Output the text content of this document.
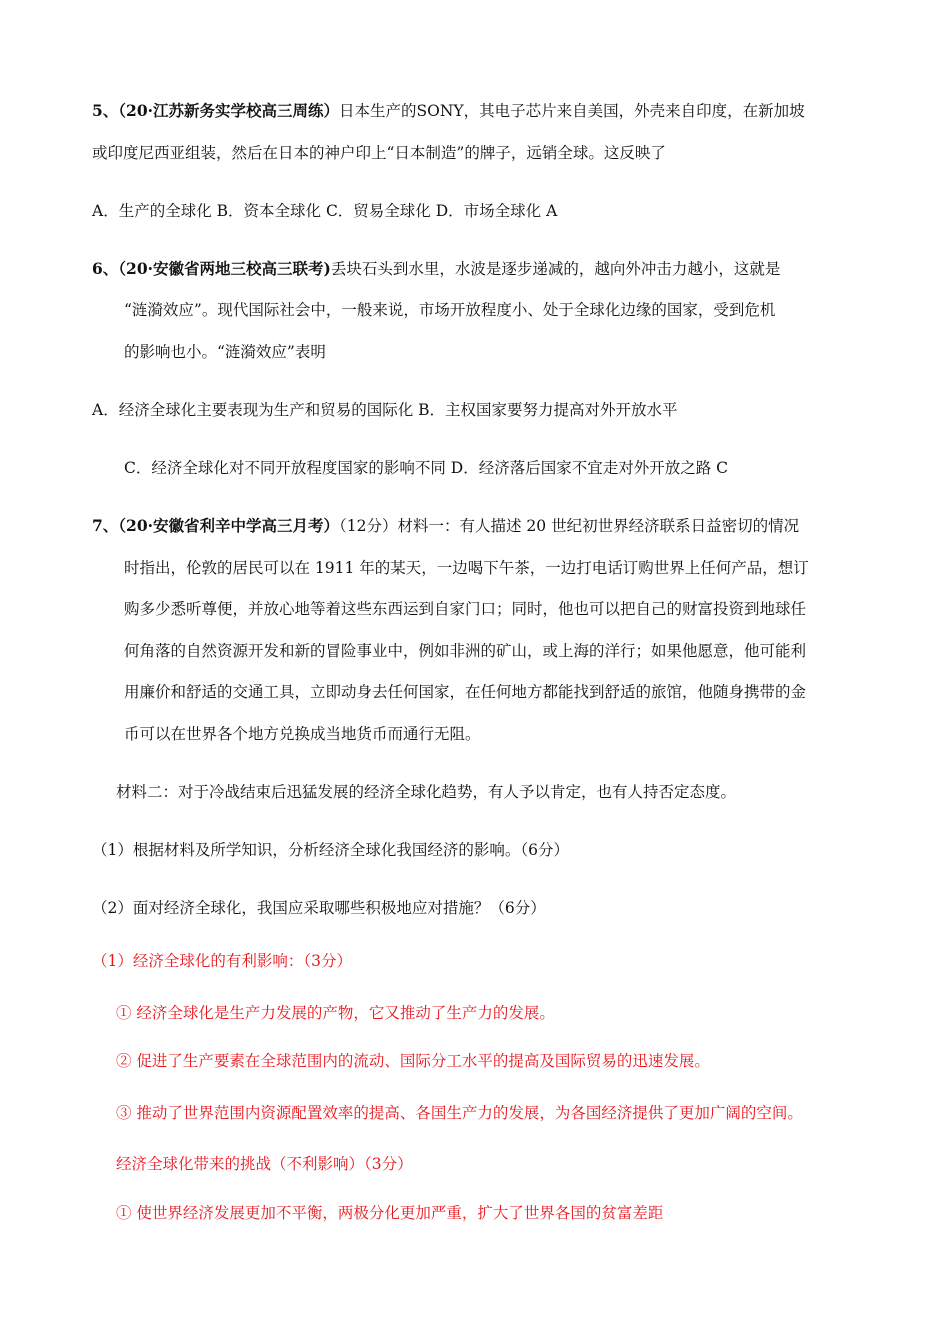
5、（20·江苏新务实学校高三周练）日本生产的SONY，其电子芯片来自美国，外壳来自印度，在新加坡
或印度尼西亚组装，然后在日本的神户印上“日本制造”的牌子，远销全球。这反映了
A．生产的全球化 B．资本全球化 C．贸易全球化 D．市场全球化 A
6、（20·安徽省两地三校高三联考)丢块石头到水里，水波是逐步递减的，越向外冲击力越小，这就是
“涟漪效应”。现代国际社会中，一般来说，市场开放程度小、处于全球化边缘的国家，受到危机
的影响也小。“涟漪效应”表明
A．经济全球化主要表现为生产和贸易的国际化 B．主权国家要努力提高对外开放水平
C．经济全球化对不同开放程度国家的影响不同 D．经济落后国家不宜走对外开放之路 C
7、（20·安徽省利辛中学高三月考）（12分）材料一：有人描述 20 世纪初世界经济联系日益密切的情况
时指出，伦敦的居民可以在 1911 年的某天，一边喝下午茶，一边打电话订购世界上任何产品，想订
购多少悉听尊便，并放心地等着这些东西运到自家门口；同时，他也可以把自己的财富投资到地球任
何角落的自然资源开发和新的冒险事业中，例如非洲的矿山，或上海的洋行；如果他愿意，他可能利
用廉价和舒适的交通工具，立即动身去任何国家，在任何地方都能找到舒适的旅馆，他随身携带的金
币可以在世界各个地方兑换成当地货币而通行无阻。
材料二：对于冷战结束后迅猛发展的经济全球化趋势，有人予以肯定，也有人持否定态度。
（1）根据材料及所学知识，分析经济全球化我国经济的影响。（6分）
（2）面对经济全球化，我国应采取哪些积极地应对措施？（6分）
（1）经济全球化的有利影响：（3分）
① 经济全球化是生产力发展的产物，它又推动了生产力的发展。
② 促进了生产要素在全球范围内的流动、国际分工水平的提高及国际贸易的迅速发展。
③ 推动了世界范围内资源配置效率的提高、各国生产力的发展，为各国经济提供了更加广阔的空间。
经济全球化带来的挑战（不利影响）（3分）
① 使世界经济发展更加不平衡，两极分化更加严重，扩大了世界各国的贫富差距
